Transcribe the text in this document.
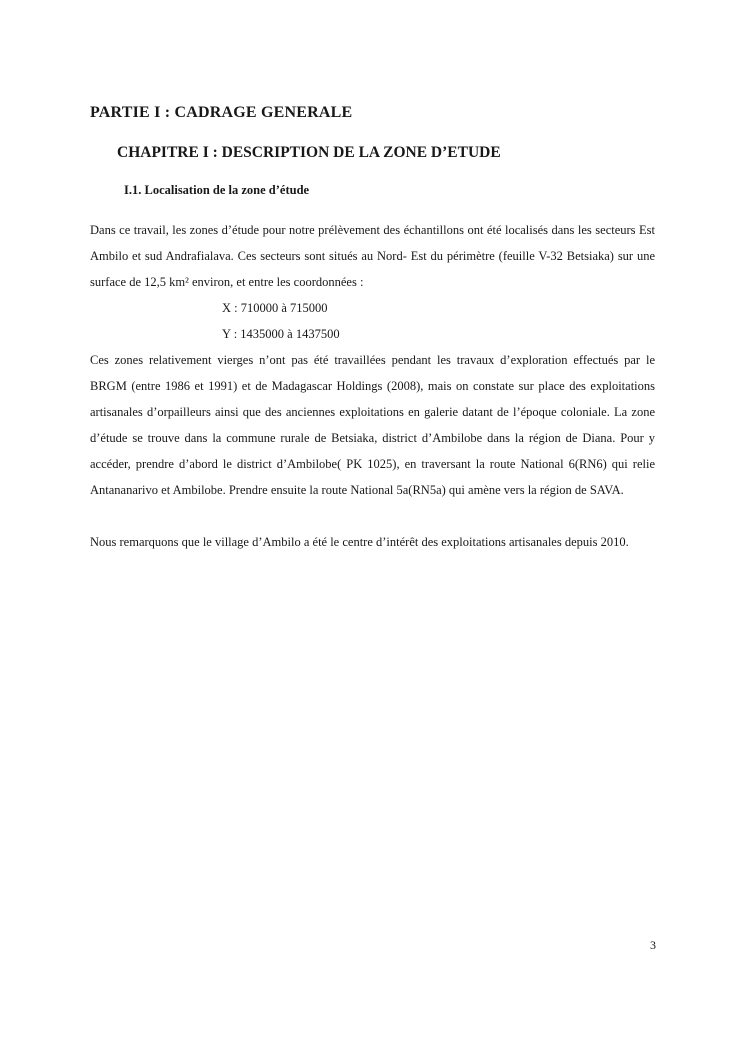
PARTIE I : CADRAGE GENERALE
CHAPITRE I : DESCRIPTION DE LA ZONE D’ETUDE
I.1. Localisation de la zone d’étude

Dans ce travail, les zones d’étude pour notre prélèvement des échantillons ont été localisés dans les secteurs Est Ambilo et sud Andrafialava. Ces secteurs sont situés au Nord- Est du périmètre (feuille V-32 Betsiaka) sur une surface de 12,5 km² environ, et entre les coordonnées :

X : 710000 à 715000
Y : 1435000 à 1437500

Ces zones relativement vierges n’ont pas été travaillées pendant les travaux d’exploration effectués par le BRGM (entre 1986 et 1991) et de Madagascar Holdings (2008), mais on constate sur place des exploitations artisanales d’orpailleurs ainsi que des anciennes exploitations en galerie datant de l’époque coloniale. La zone d’étude se trouve dans la commune rurale de Betsiaka, district d’Ambilobe dans la région de Diana. Pour y accéder, prendre d’abord le district d’Ambilobe( PK 1025), en traversant la route National 6(RN6) qui relie Antananarivo et Ambilobe. Prendre ensuite la route National 5a(RN5a) qui amène vers la région de SAVA.

Nous remarquons que le village d’Ambilo a été le centre d’intérêt des exploitations artisanales depuis 2010.

3
